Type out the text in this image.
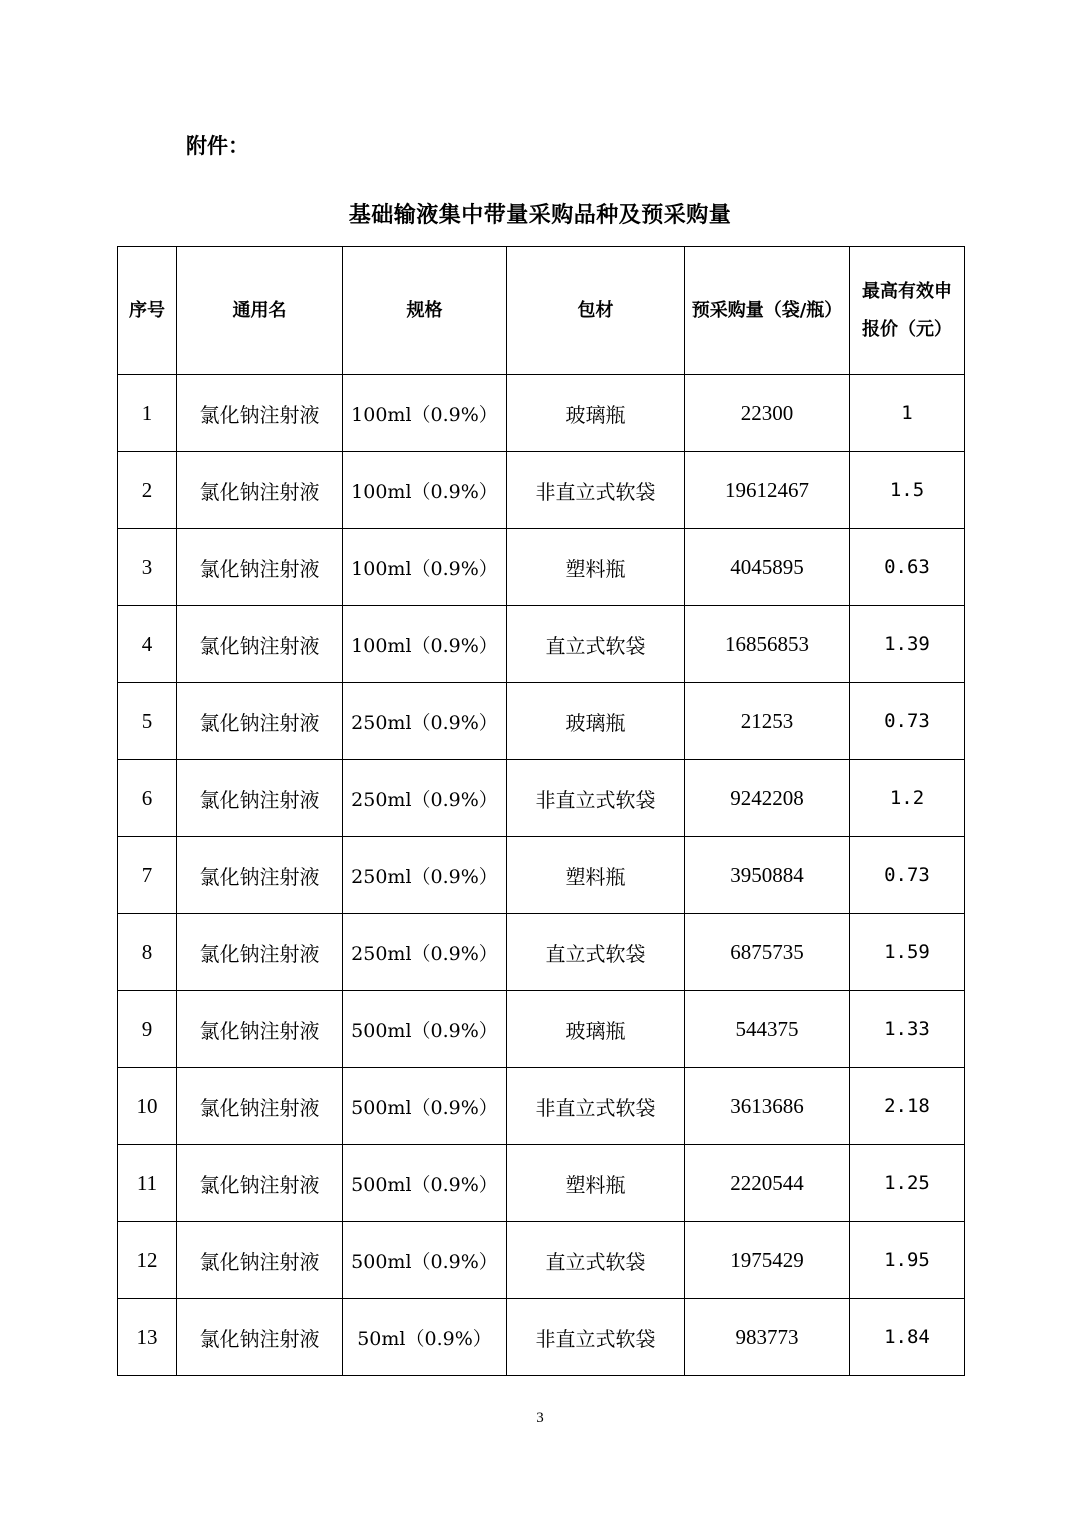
附件：
基础输液集中带量采购品种及预采购量
序号	通用名	规格	包材	预采购量（袋/瓶）	最高有效申报价（元）
1	氯化钠注射液	100ml（0.9%）	玻璃瓶	22300	1
2	氯化钠注射液	100ml（0.9%）	非直立式软袋	19612467	1.5
3	氯化钠注射液	100ml（0.9%）	塑料瓶	4045895	0.63
4	氯化钠注射液	100ml（0.9%）	直立式软袋	16856853	1.39
5	氯化钠注射液	250ml（0.9%）	玻璃瓶	21253	0.73
6	氯化钠注射液	250ml（0.9%）	非直立式软袋	9242208	1.2
7	氯化钠注射液	250ml（0.9%）	塑料瓶	3950884	0.73
8	氯化钠注射液	250ml（0.9%）	直立式软袋	6875735	1.59
9	氯化钠注射液	500ml（0.9%）	玻璃瓶	544375	1.33
10	氯化钠注射液	500ml（0.9%）	非直立式软袋	3613686	2.18
11	氯化钠注射液	500ml（0.9%）	塑料瓶	2220544	1.25
12	氯化钠注射液	500ml（0.9%）	直立式软袋	1975429	1.95
13	氯化钠注射液	50ml（0.9%）	非直立式软袋	983773	1.84
3
